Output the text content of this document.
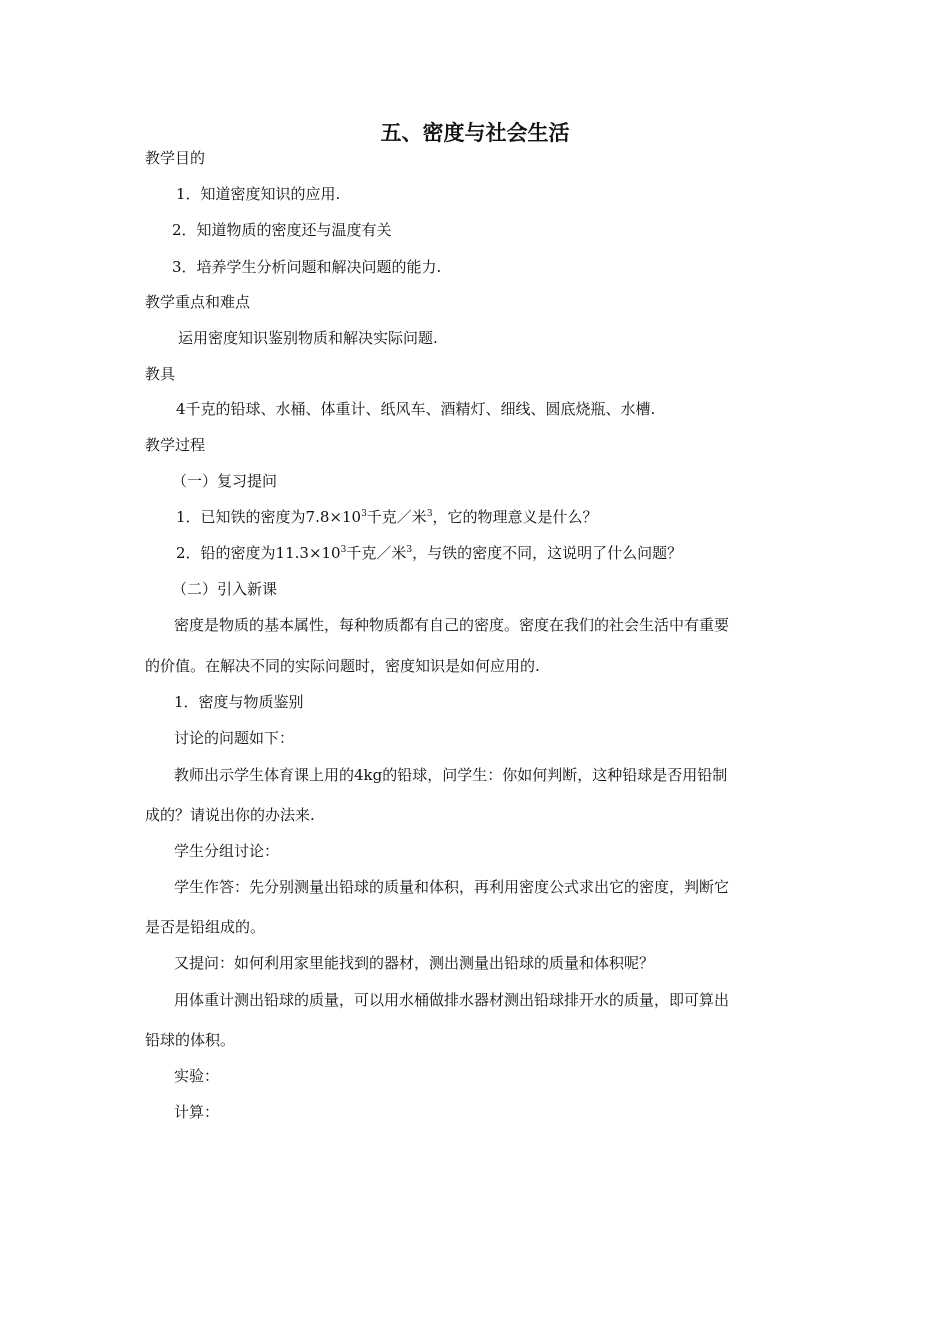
五、密度与社会生活
教学目的
1．知道密度知识的应用.
2．知道物质的密度还与温度有关
3．培养学生分析问题和解决问题的能力.
教学重点和难点
运用密度知识鉴别物质和解决实际问题.
教具
4千克的铅球、水桶、体重计、纸风车、酒精灯、细线、圆底烧瓶、水槽.
教学过程
（一）复习提问
1．已知铁的密度为$7.8\times 10^3$千克／米$^3$，它的物理意义是什么？
2．铅的密度为$11.3\times 10^3$千克／米$^3$，与铁的密度不同，这说明了什么问题？
（二）引入新课
密度是物质的基本属性，每种物质都有自己的密度。密度在我们的社会生活中有重要
的价值。在解决不同的实际问题时，密度知识是如何应用的.
1．密度与物质鉴别
讨论的问题如下：
教师出示学生体育课上用的4kg的铅球，问学生：你如何判断，这种铅球是否用铅制
成的？请说出你的办法来.
学生分组讨论：
学生作答：先分别测量出铅球的质量和体积，再利用密度公式求出它的密度，判断它
是否是铅组成的。
又提问：如何利用家里能找到的器材，测出测量出铅球的质量和体积呢？
用体重计测出铅球的质量，可以用水桶做排水器材测出铅球排开水的质量，即可算出
铅球的体积。
实验：
计算：
